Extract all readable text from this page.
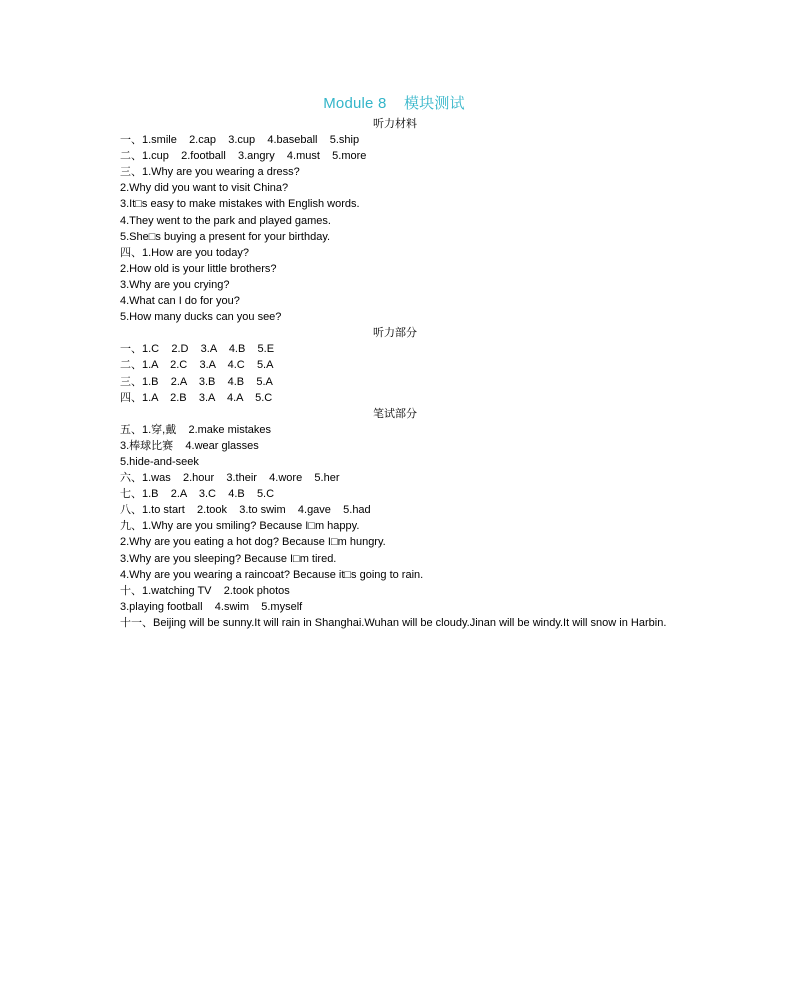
Module 8    模块测试
听力材料
一、1.smile    2.cap    3.cup    4.baseball    5.ship
二、1.cup    2.football    3.angry    4.must    5.more
三、1.Why are you wearing a dress?
2.Why did you want to visit China?
3.It□s easy to make mistakes with English words.
4.They went to the park and played games.
5.She□s buying a present for your birthday.
四、1.How are you today?
2.How old is your little brothers?
3.Why are you crying?
4.What can I do for you?
5.How many ducks can you see?
听力部分
一、1.C    2.D    3.A    4.B    5.E
二、1.A    2.C    3.A    4.C    5.A
三、1.B    2.A    3.B    4.B    5.A
四、1.A    2.B    3.A    4.A    5.C
笔试部分
五、1.穿,戴    2.make mistakes
3.棒球比赛    4.wear glasses
5.hide-and-seek
六、1.was    2.hour    3.their    4.wore    5.her
七、1.B    2.A    3.C    4.B    5.C
八、1.to start    2.took    3.to swim    4.gave    5.had
九、1.Why are you smiling? Because I□m happy.
2.Why are you eating a hot dog? Because I□m hungry.
3.Why are you sleeping? Because I□m tired.
4.Why are you wearing a raincoat? Because it□s going to rain.
十、1.watching TV    2.took photos
3.playing football    4.swim    5.myself
十一、Beijing will be sunny.It will rain in Shanghai.Wuhan will be cloudy.Jinan will be windy.It will snow in Harbin.
